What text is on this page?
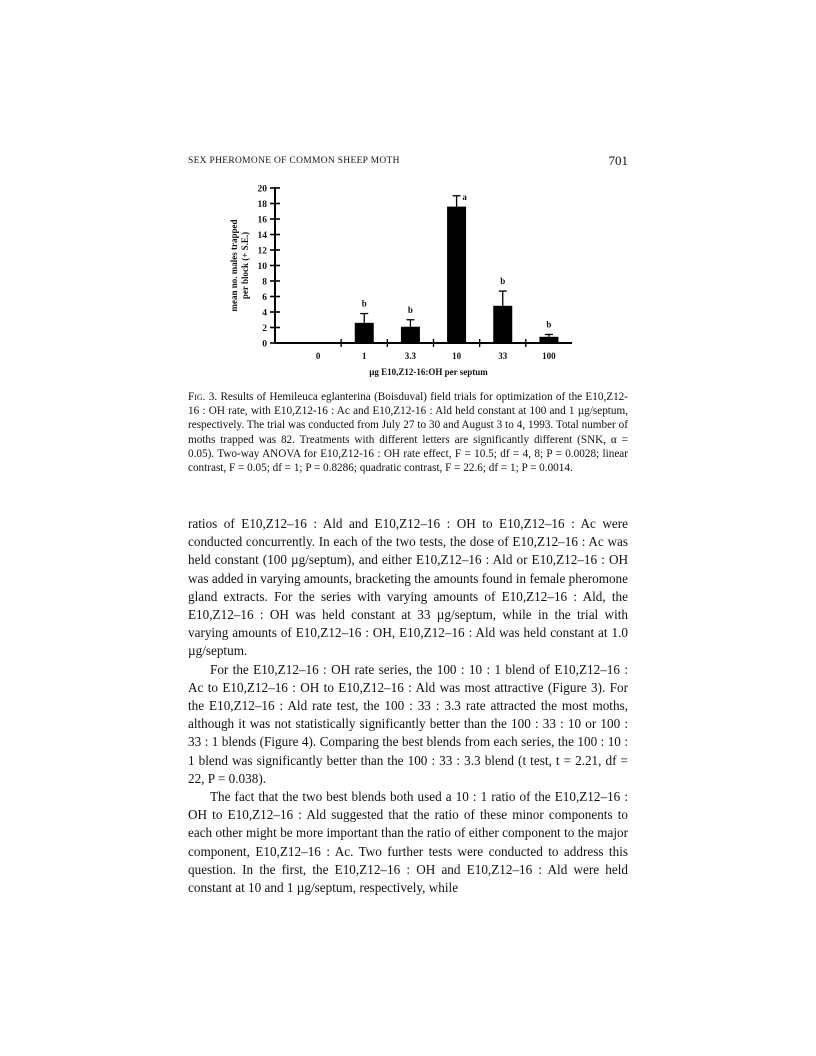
SEX PHEROMONE OF COMMON SHEEP MOTH	701
0
2
4
6
8
10
12
14
16
18
20
mean no. males trapped per block (+ S.E.)
0
b
1
b
3.3
a
10
b
33
b
100
µg E10,Z12-16:OH per septum

Fig. 3. Results of Hemileuca eglanterina (Boisduval) field trials for optimization of the E10,Z12-16 : OH rate, with E10,Z12-16 : Ac and E10,Z12-16 : Ald held constant at 100 and 1 µg/septum, respectively. The trial was conducted from July 27 to 30 and August 3 to 4, 1993. Total number of moths trapped was 82. Treatments with different letters are significantly different (SNK, α = 0.05). Two-way ANOVA for E10,Z12-16 : OH rate effect, F = 10.5; df = 4, 8; P = 0.0028; linear contrast, F = 0.05; df = 1; P = 0.8286; quadratic contrast, F = 22.6; df = 1; P = 0.0014.

ratios of E10,Z12–16 : Ald and E10,Z12–16 : OH to E10,Z12–16 : Ac were conducted concurrently. In each of the two tests, the dose of E10,Z12–16 : Ac was held constant (100 µg/septum), and either E10,Z12–16 : Ald or E10,Z12–16 : OH was added in varying amounts, bracketing the amounts found in female pheromone gland extracts. For the series with varying amounts of E10,Z12–16 : Ald, the E10,Z12–16 : OH was held constant at 33 µg/septum, while in the trial with varying amounts of E10,Z12–16 : OH, E10,Z12–16 : Ald was held constant at 1.0 µg/septum.

For the E10,Z12–16 : OH rate series, the 100 : 10 : 1 blend of E10,Z12–16 : Ac to E10,Z12–16 : OH to E10,Z12–16 : Ald was most attractive (Figure 3). For the E10,Z12–16 : Ald rate test, the 100 : 33 : 3.3 rate attracted the most moths, although it was not statistically significantly better than the 100 : 33 : 10 or 100 : 33 : 1 blends (Figure 4). Comparing the best blends from each series, the 100 : 10 : 1 blend was significantly better than the 100 : 33 : 3.3 blend (t test, t = 2.21, df = 22, P = 0.038).

The fact that the two best blends both used a 10 : 1 ratio of the E10,Z12–16 : OH to E10,Z12–16 : Ald suggested that the ratio of these minor components to each other might be more important than the ratio of either component to the major component, E10,Z12–16 : Ac. Two further tests were conducted to address this question. In the first, the E10,Z12–16 : OH and E10,Z12–16 : Ald were held constant at 10 and 1 µg/septum, respectively, while
